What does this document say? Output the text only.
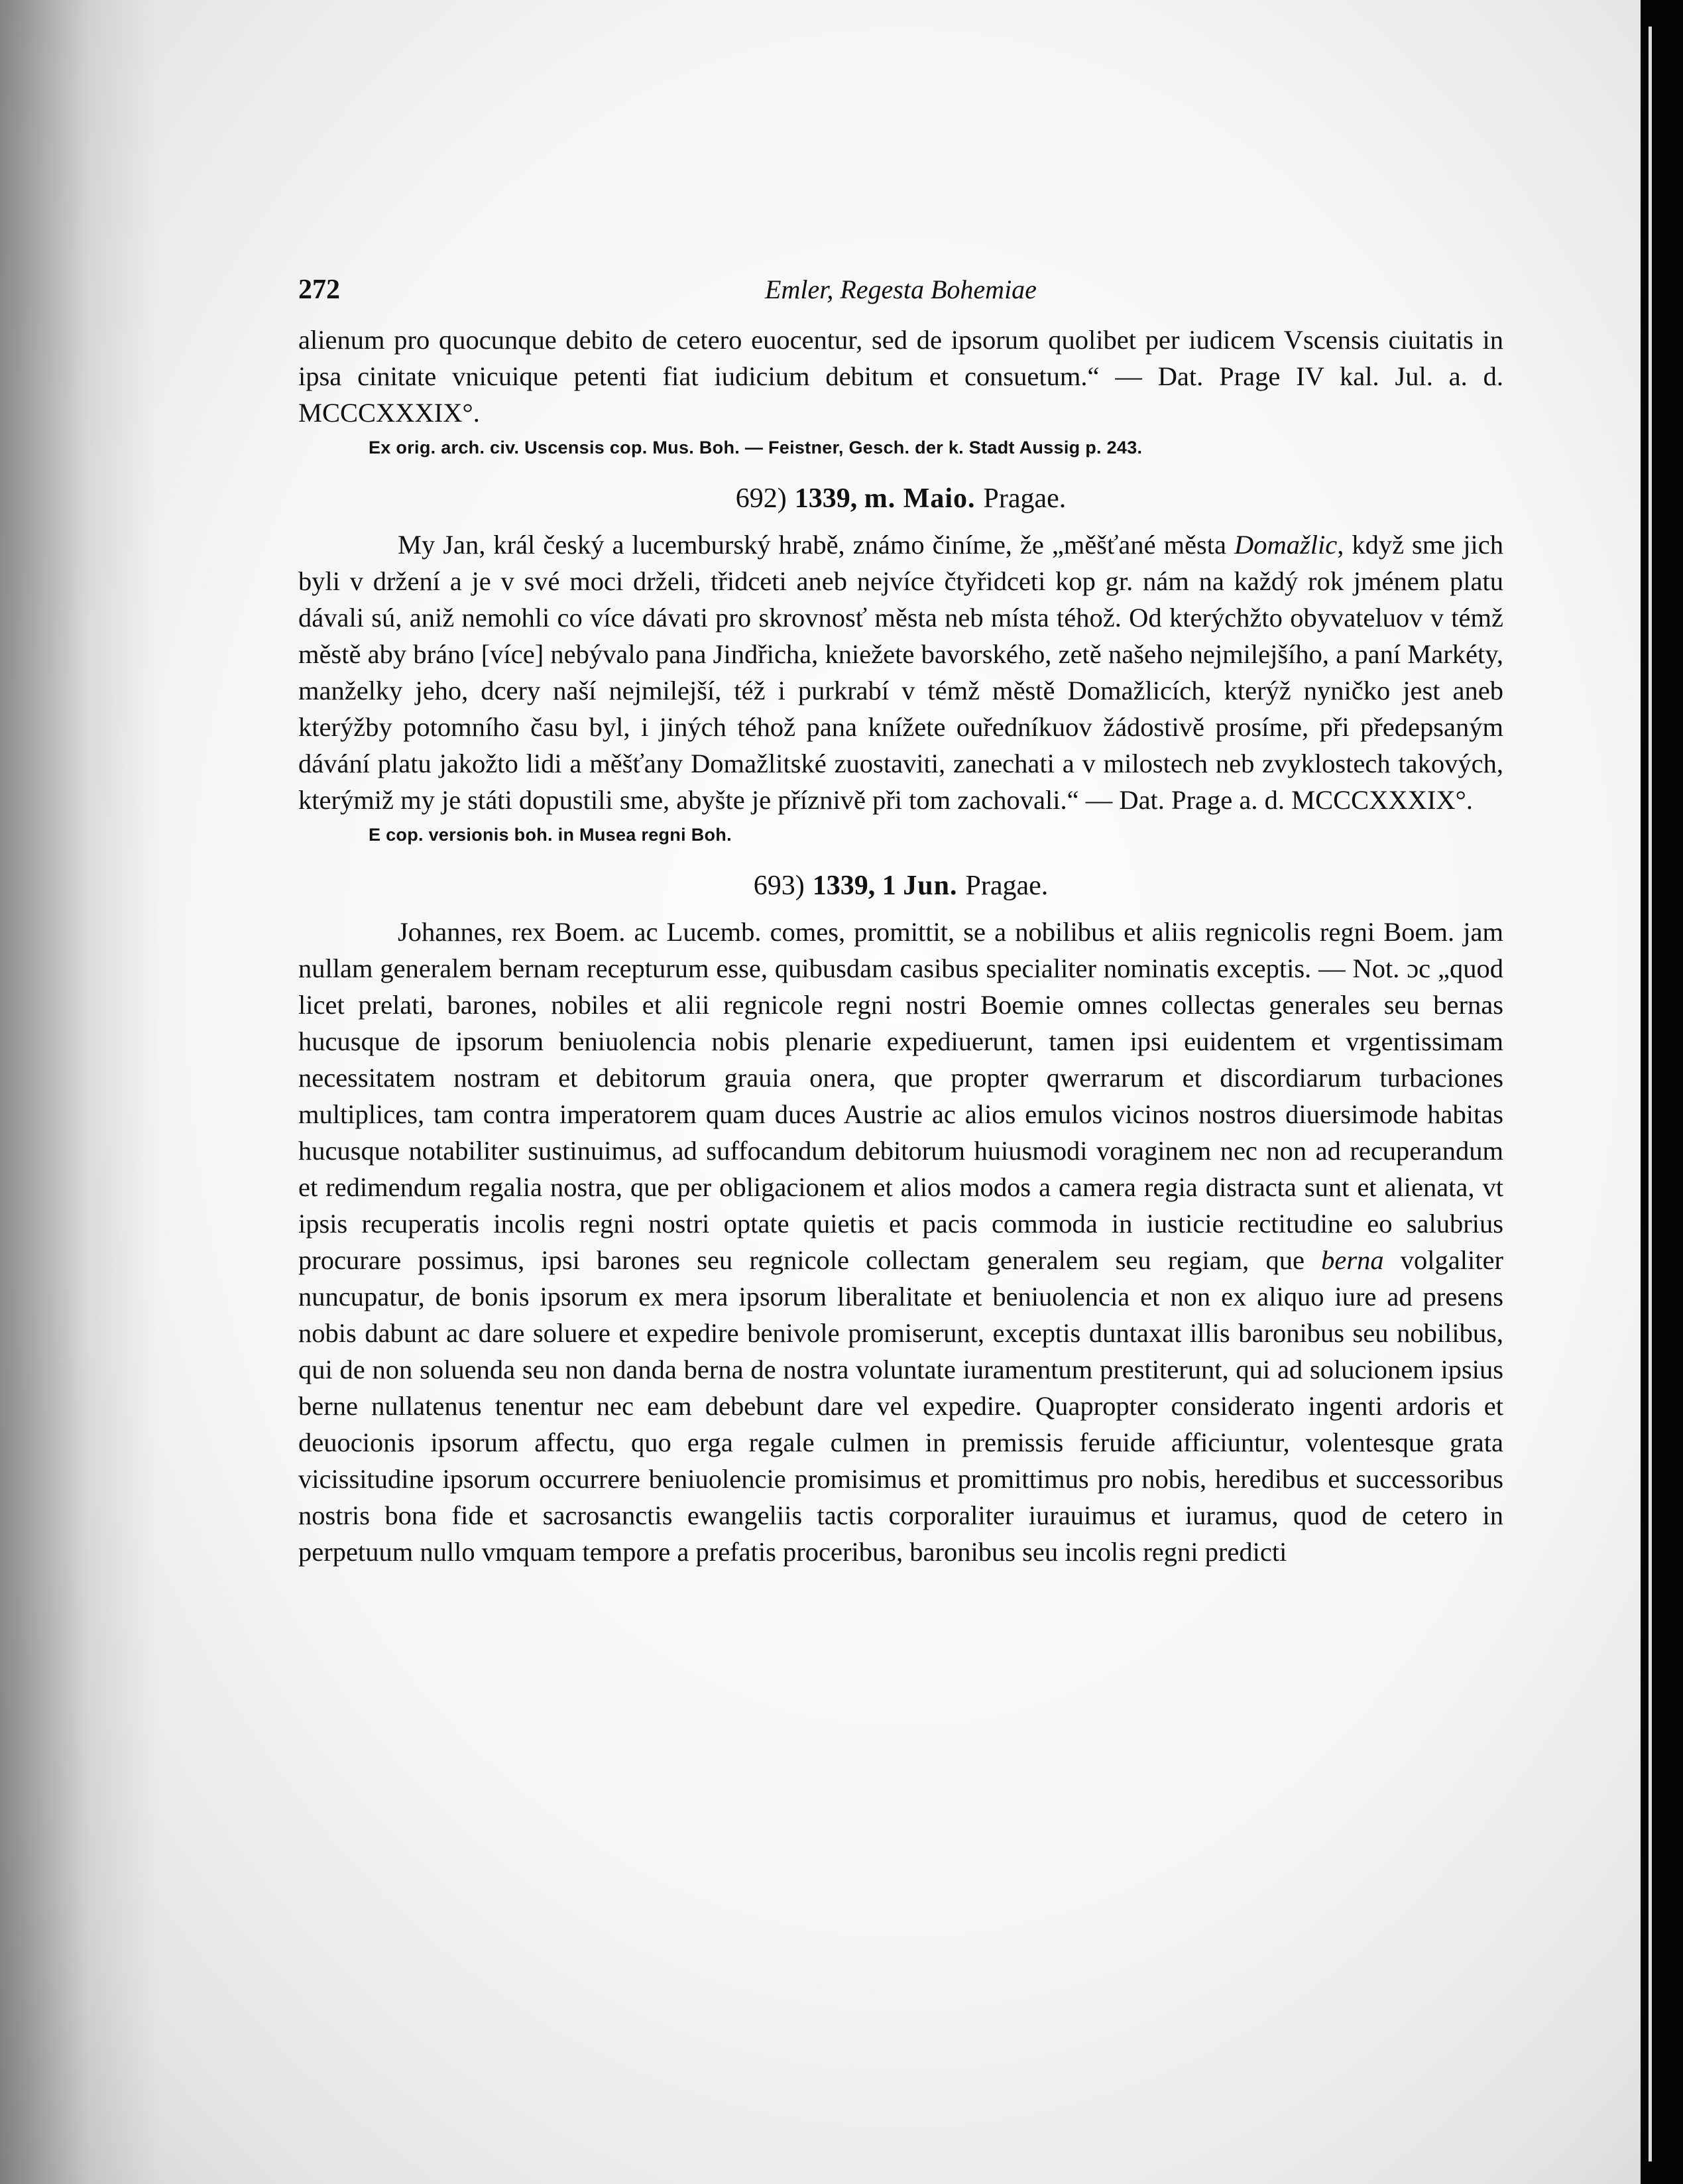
272	Emler, Regesta Bohemiae

alienum pro quocunque debito de cetero euocentur, sed de ipsorum quolibet per iudicem Vscensis ciuitatis in ipsa cinitate vnicuique petenti fiat iudicium debitum et consuetum.“ — Dat. Prage IV kal. Jul. a. d. MCCCXXXIX°.

Ex orig. arch. civ. Uscensis cop. Mus. Boh. — Feistner, Gesch. der k. Stadt Aussig p. 243.
692) 1339, m. Maio. Pragae.

My Jan, král český a lucemburský hrabě, známo činíme, že „měšťané města Domažlic, když sme jich byli v držení a je v své moci drželi, třidceti aneb nejvíce čtyřidceti kop gr. nám na každý rok jménem platu dávali sú, aniž nemohli co více dávati pro skrovnosť města neb místa téhož. Od kterýchžto obyvateluov v témž městě aby bráno [více] nebývalo pana Jindřicha, kniežete bavorského, zetě našeho nejmilejšího, a paní Markéty, manželky jeho, dcery naší nejmilejší, též i purkrabí v témž městě Domažlicích, kterýž nynіčko jest aneb kterýžby potomního času byl, i jiných téhož pana knížete ouředníkuov žádostivě prosíme, při předepsaným dávání platu jakožto lidi a měšťany Domažlitské zuostaviti, zanechati a v milostech neb zvyklostech takových, kterýmiž my je státi dopustili sme, abyšte je příznivě při tom zachovali.“ — Dat. Prage a. d. MCCCXXXIX°.

E cop. versionis boh. in Musea regni Boh.
693) 1339, 1 Jun. Pragae.

Johannes, rex Boem. ac Lucemb. comes, promittit, se a nobilibus et aliis regnicolis regni Boem. jam nullam generalem bernam recepturum esse, quibusdam casibus specialiter nominatis exceptis. — Not. ɔc „quod licet prelati, barones, nobiles et alii regnicole regni nostri Boemie omnes collectas generales seu bernas hucusque de ipsorum beniuolencia nobis plenarie expediuerunt, tamen ipsi euidentem et vrgentissimam necessitatem nostram et debitorum grauia onera, que propter qwerrarum et discordiarum turbaciones multiplices, tam contra imperatorem quam duces Austrie ac alios emulos vicinos nostros diuersimode habitas hucusque notabiliter sustinuimus, ad suffocandum debitorum huiusmodi voraginem nec non ad recuperandum et redimendum regalia nostra, que per obligacionem et alios modos a camera regia distracta sunt et alienata, vt ipsis recuperatis incolis regni nostri optate quietis et pacis commoda in iusticie rectitudine eo salubrius procurare possimus, ipsi barones seu regnicole collectam generalem seu regiam, que berna volgaliter nuncupatur, de bonis ipsorum ex mera ipsorum liberalitate et beniuolencia et non ex aliquo iure ad presens nobis dabunt ac dare soluere et expedire benivole promiserunt, exceptis duntaxat illis baronibus seu nobilibus, qui de non soluenda seu non danda berna de nostra voluntate iuramentum prestiterunt, qui ad solucionem ipsius berne nullatenus tenentur nec eam debebunt dare vel expedire. Quapropter considerato ingenti ardoris et deuocionis ipsorum affectu, quo erga regale culmen in premissis feruide afficiuntur, volentesque grata vicissitudine ipsorum occurrere beniuolencie promisimus et promittimus pro nobis, heredibus et successoribus nostris bona fide et sacrosanctis ewangeliis tactis corporaliter iurauimus et iuramus, quod de cetero in perpetuum nullo vmquam tempore a prefatis proceribus, baronibus seu incolis regni predicti
